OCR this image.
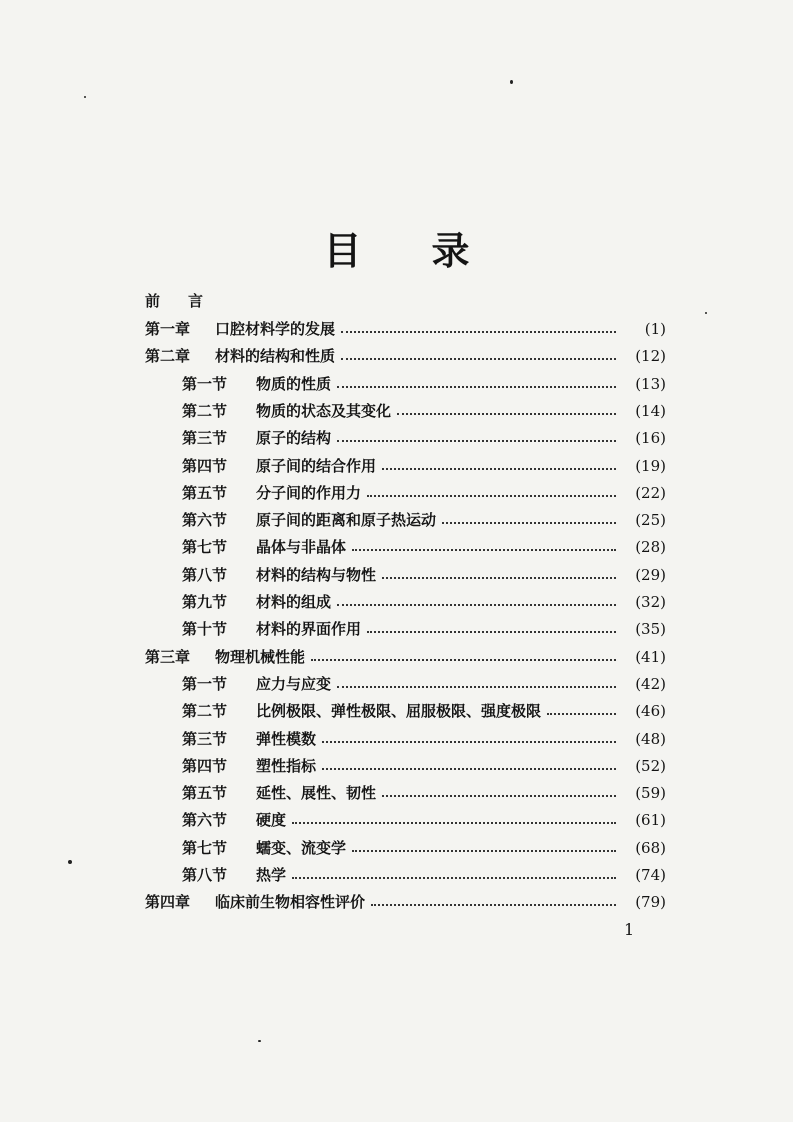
目 录
前言
第一章	口腔材料学的发展	(1)
第二章	材料的结构和性质	(12)
第一节	物质的性质	(13)
第二节	物质的状态及其变化	(14)
第三节	原子的结构	(16)
第四节	原子间的结合作用	(19)
第五节	分子间的作用力	(22)
第六节	原子间的距离和原子热运动	(25)
第七节	晶体与非晶体	(28)
第八节	材料的结构与物性	(29)
第九节	材料的组成	(32)
第十节	材料的界面作用	(35)
第三章	物理机械性能	(41)
第一节	应力与应变	(42)
第二节	比例极限、弹性极限、屈服极限、强度极限	(46)
第三节	弹性模数	(48)
第四节	塑性指标	(52)
第五节	延性、展性、韧性	(59)
第六节	硬度	(61)
第七节	蠕变、流变学	(68)
第八节	热学	(74)
第四章	临床前生物相容性评价	(79)
1
